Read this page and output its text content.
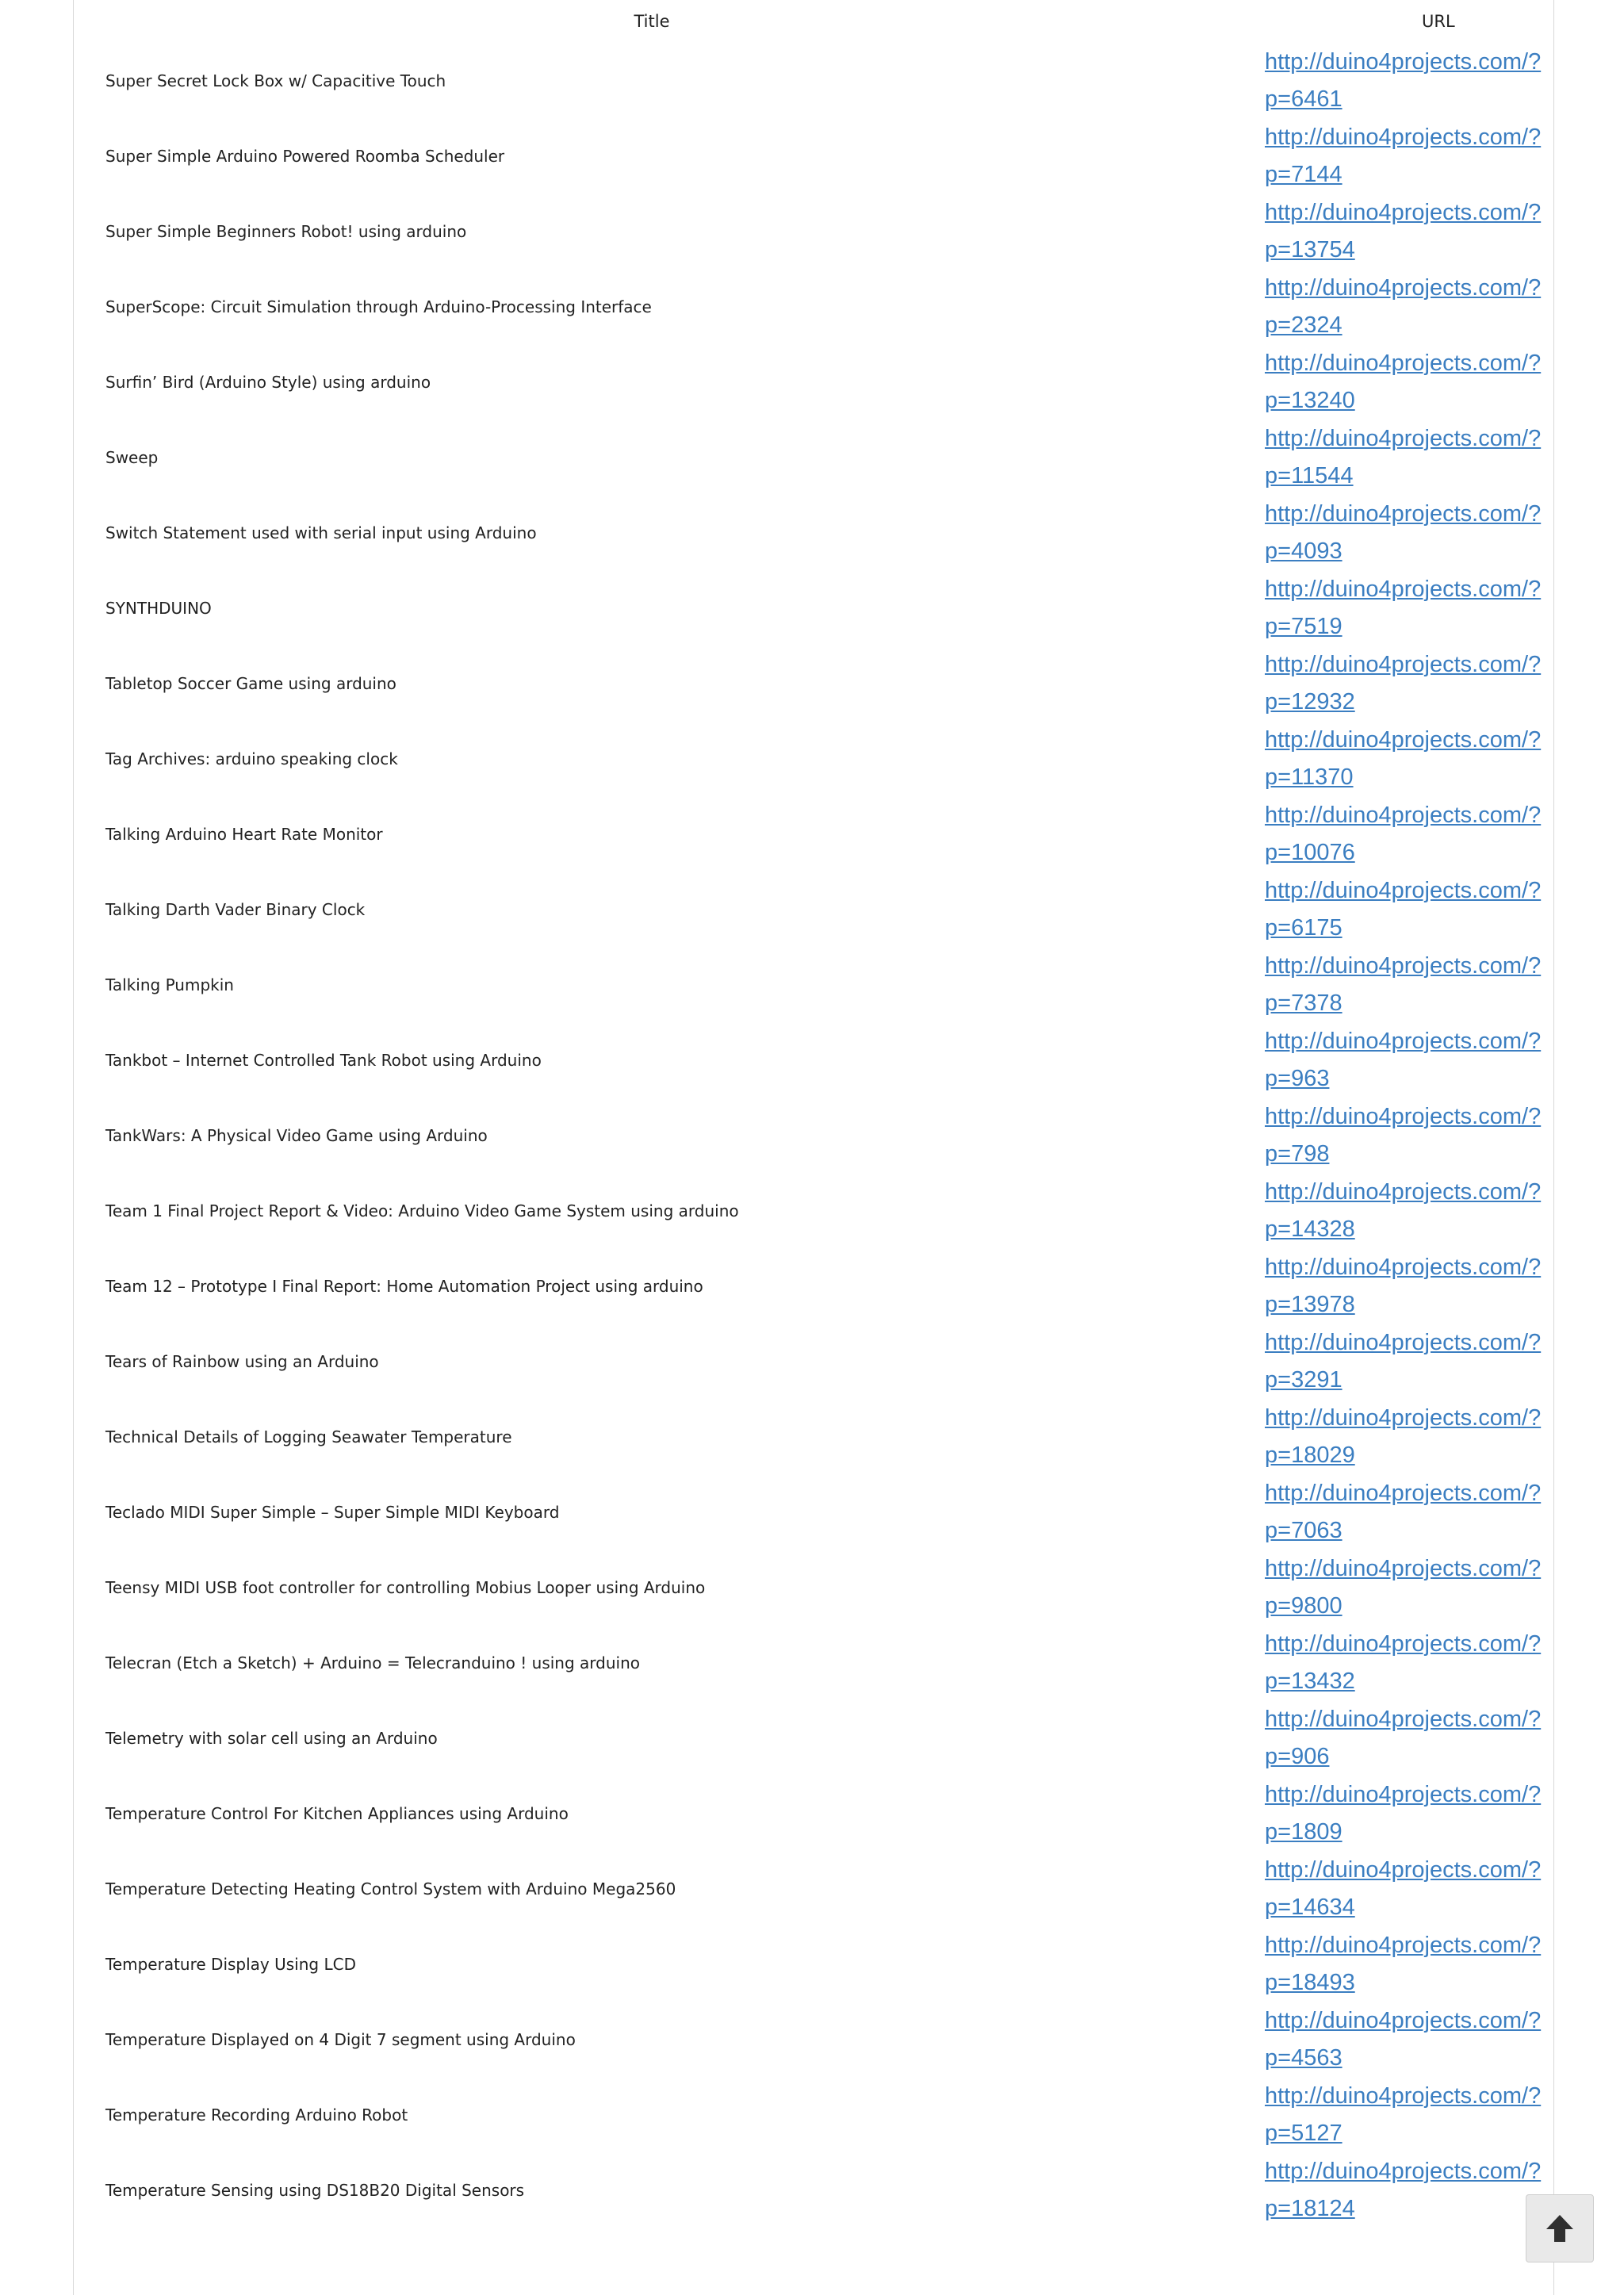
Title	URL
Super Secret Lock Box w/ Capacitive Touch	http://duino4projects.com/?
p=6461
Super Simple Arduino Powered Roomba Scheduler	http://duino4projects.com/?
p=7144
Super Simple Beginners Robot! using arduino	http://duino4projects.com/?
p=13754
SuperScope: Circuit Simulation through Arduino-Processing Interface	http://duino4projects.com/?
p=2324
Surfin’ Bird (Arduino Style) using arduino	http://duino4projects.com/?
p=13240
Sweep	http://duino4projects.com/?
p=11544
Switch Statement used with serial input using Arduino	http://duino4projects.com/?
p=4093
SYNTHDUINO	http://duino4projects.com/?
p=7519
Tabletop Soccer Game using arduino	http://duino4projects.com/?
p=12932
Tag Archives: arduino speaking clock	http://duino4projects.com/?
p=11370
Talking Arduino Heart Rate Monitor	http://duino4projects.com/?
p=10076
Talking Darth Vader Binary Clock	http://duino4projects.com/?
p=6175
Talking Pumpkin	http://duino4projects.com/?
p=7378
Tankbot – Internet Controlled Tank Robot using Arduino	http://duino4projects.com/?
p=963
TankWars: A Physical Video Game using Arduino	http://duino4projects.com/?
p=798
Team 1 Final Project Report & Video: Arduino Video Game System using arduino	http://duino4projects.com/?
p=14328
Team 12 – Prototype I Final Report: Home Automation Project using arduino	http://duino4projects.com/?
p=13978
Tears of Rainbow using an Arduino	http://duino4projects.com/?
p=3291
Technical Details of Logging Seawater Temperature	http://duino4projects.com/?
p=18029
Teclado MIDI Super Simple – Super Simple MIDI Keyboard	http://duino4projects.com/?
p=7063
Teensy MIDI USB foot controller for controlling Mobius Looper using Arduino	http://duino4projects.com/?
p=9800
Telecran (Etch a Sketch) + Arduino = Telecranduino ! using arduino	http://duino4projects.com/?
p=13432
Telemetry with solar cell using an Arduino	http://duino4projects.com/?
p=906
Temperature Control For Kitchen Appliances using Arduino	http://duino4projects.com/?
p=1809
Temperature Detecting Heating Control System with Arduino Mega2560	http://duino4projects.com/?
p=14634
Temperature Display Using LCD	http://duino4projects.com/?
p=18493
Temperature Displayed on 4 Digit 7 segment using Arduino	http://duino4projects.com/?
p=4563
Temperature Recording Arduino Robot	http://duino4projects.com/?
p=5127
Temperature Sensing using DS18B20 Digital Sensors	http://duino4projects.com/?
p=18124
